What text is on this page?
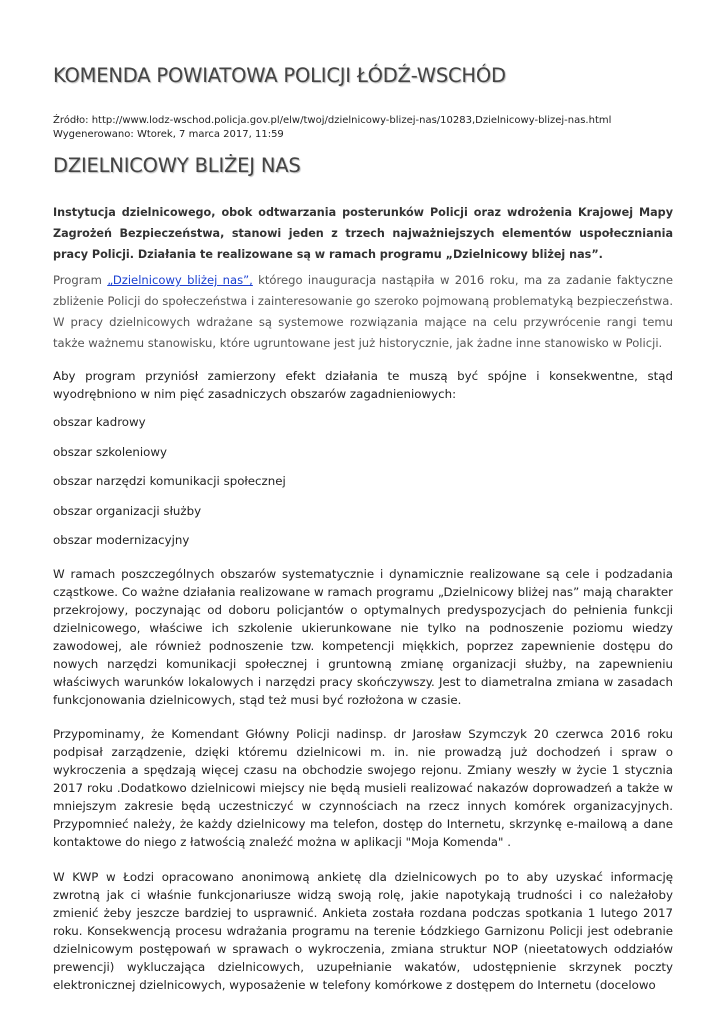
KOMENDA POWIATOWA POLICJI ŁÓDŹ-WSCHÓD
Źródło: http://www.lodz-wschod.policja.gov.pl/elw/twoj/dzielnicowy-blizej-nas/10283,Dzielnicowy-blizej-nas.html
Wygenerowano: Wtorek, 7 marca 2017, 11:59
DZIELNICOWY BLIŻEJ NAS

Instytucja dzielnicowego, obok odtwarzania posterunków Policji oraz wdrożenia Krajowej Mapy Zagrożeń Bezpieczeństwa, stanowi jeden z trzech najważniejszych elementów uspołeczniania pracy Policji. Działania te realizowane są w ramach programu „Dzielnicowy bliżej nas”.

Program „Dzielnicowy bliżej nas”, którego inauguracja nastąpiła w 2016 roku, ma za zadanie faktyczne zbliżenie Policji do społeczeństwa i zainteresowanie go szeroko pojmowaną problematyką bezpieczeństwa. W pracy dzielnicowych wdrażane są systemowe rozwiązania mające na celu przywrócenie rangi temu także ważnemu stanowisku, które ugruntowane jest już historycznie, jak żadne inne stanowisko w Policji.

Aby program przyniósł zamierzony efekt działania te muszą być spójne i konsekwentne, stąd wyodrębniono w nim pięć zasadniczych obszarów zagadnieniowych:

obszar kadrowy
obszar szkoleniowy
obszar narzędzi komunikacji społecznej
obszar organizacji służby
obszar modernizacyjny

W ramach poszczególnych obszarów systematycznie i dynamicznie realizowane są cele i podzadania cząstkowe. Co ważne działania realizowane w ramach programu „Dzielnicowy bliżej nas” mają charakter przekrojowy, poczynając od doboru policjantów o optymalnych predyspozycjach do pełnienia funkcji dzielnicowego, właściwe ich szkolenie ukierunkowane nie tylko na podnoszenie poziomu wiedzy zawodowej, ale również podnoszenie tzw. kompetencji miękkich, poprzez zapewnienie dostępu do nowych narzędzi komunikacji społecznej i gruntowną zmianę organizacji służby, na zapewnieniu właściwych warunków lokalowych i narzędzi pracy skończywszy. Jest to diametralna zmiana w zasadach funkcjonowania dzielnicowych, stąd też musi być rozłożona w czasie.

Przypominamy, że Komendant Główny Policji nadinsp. dr Jarosław Szymczyk 20 czerwca 2016 roku podpisał zarządzenie, dzięki któremu dzielnicowi m. in. nie prowadzą już dochodzeń i spraw o wykroczenia a spędzają więcej czasu na obchodzie swojego rejonu. Zmiany weszły w życie 1 stycznia 2017 roku .Dodatkowo dzielnicowi miejscy nie będą musieli realizować nakazów doprowadzeń a także w mniejszym zakresie będą uczestniczyć w czynnościach na rzecz innych komórek organizacyjnych. Przypomnieć należy, że każdy dzielnicowy ma telefon, dostęp do Internetu, skrzynkę e-mailową a dane kontaktowe do niego z łatwością znaleźć można w aplikacji "Moja Komenda" .

W KWP w Łodzi opracowano anonimową ankietę dla dzielnicowych po to aby uzyskać informację zwrotną jak ci właśnie funkcjonariusze widzą swoją rolę, jakie napotykają trudności i co należałoby zmienić żeby jeszcze bardziej to usprawnić. Ankieta została rozdana podczas spotkania 1 lutego 2017 roku. Konsekwencją procesu wdrażania programu na terenie Łódzkiego Garnizonu Policji jest odebranie dzielnicowym postępowań w sprawach o wykroczenia, zmiana struktur NOP (nieetatowych oddziałów prewencji) wykluczająca dzielnicowych, uzupełnianie wakatów, udostępnienie skrzynek poczty elektronicznej dzielnicowych, wyposażenie w telefony komórkowe z dostępem do Internetu (docelowo
